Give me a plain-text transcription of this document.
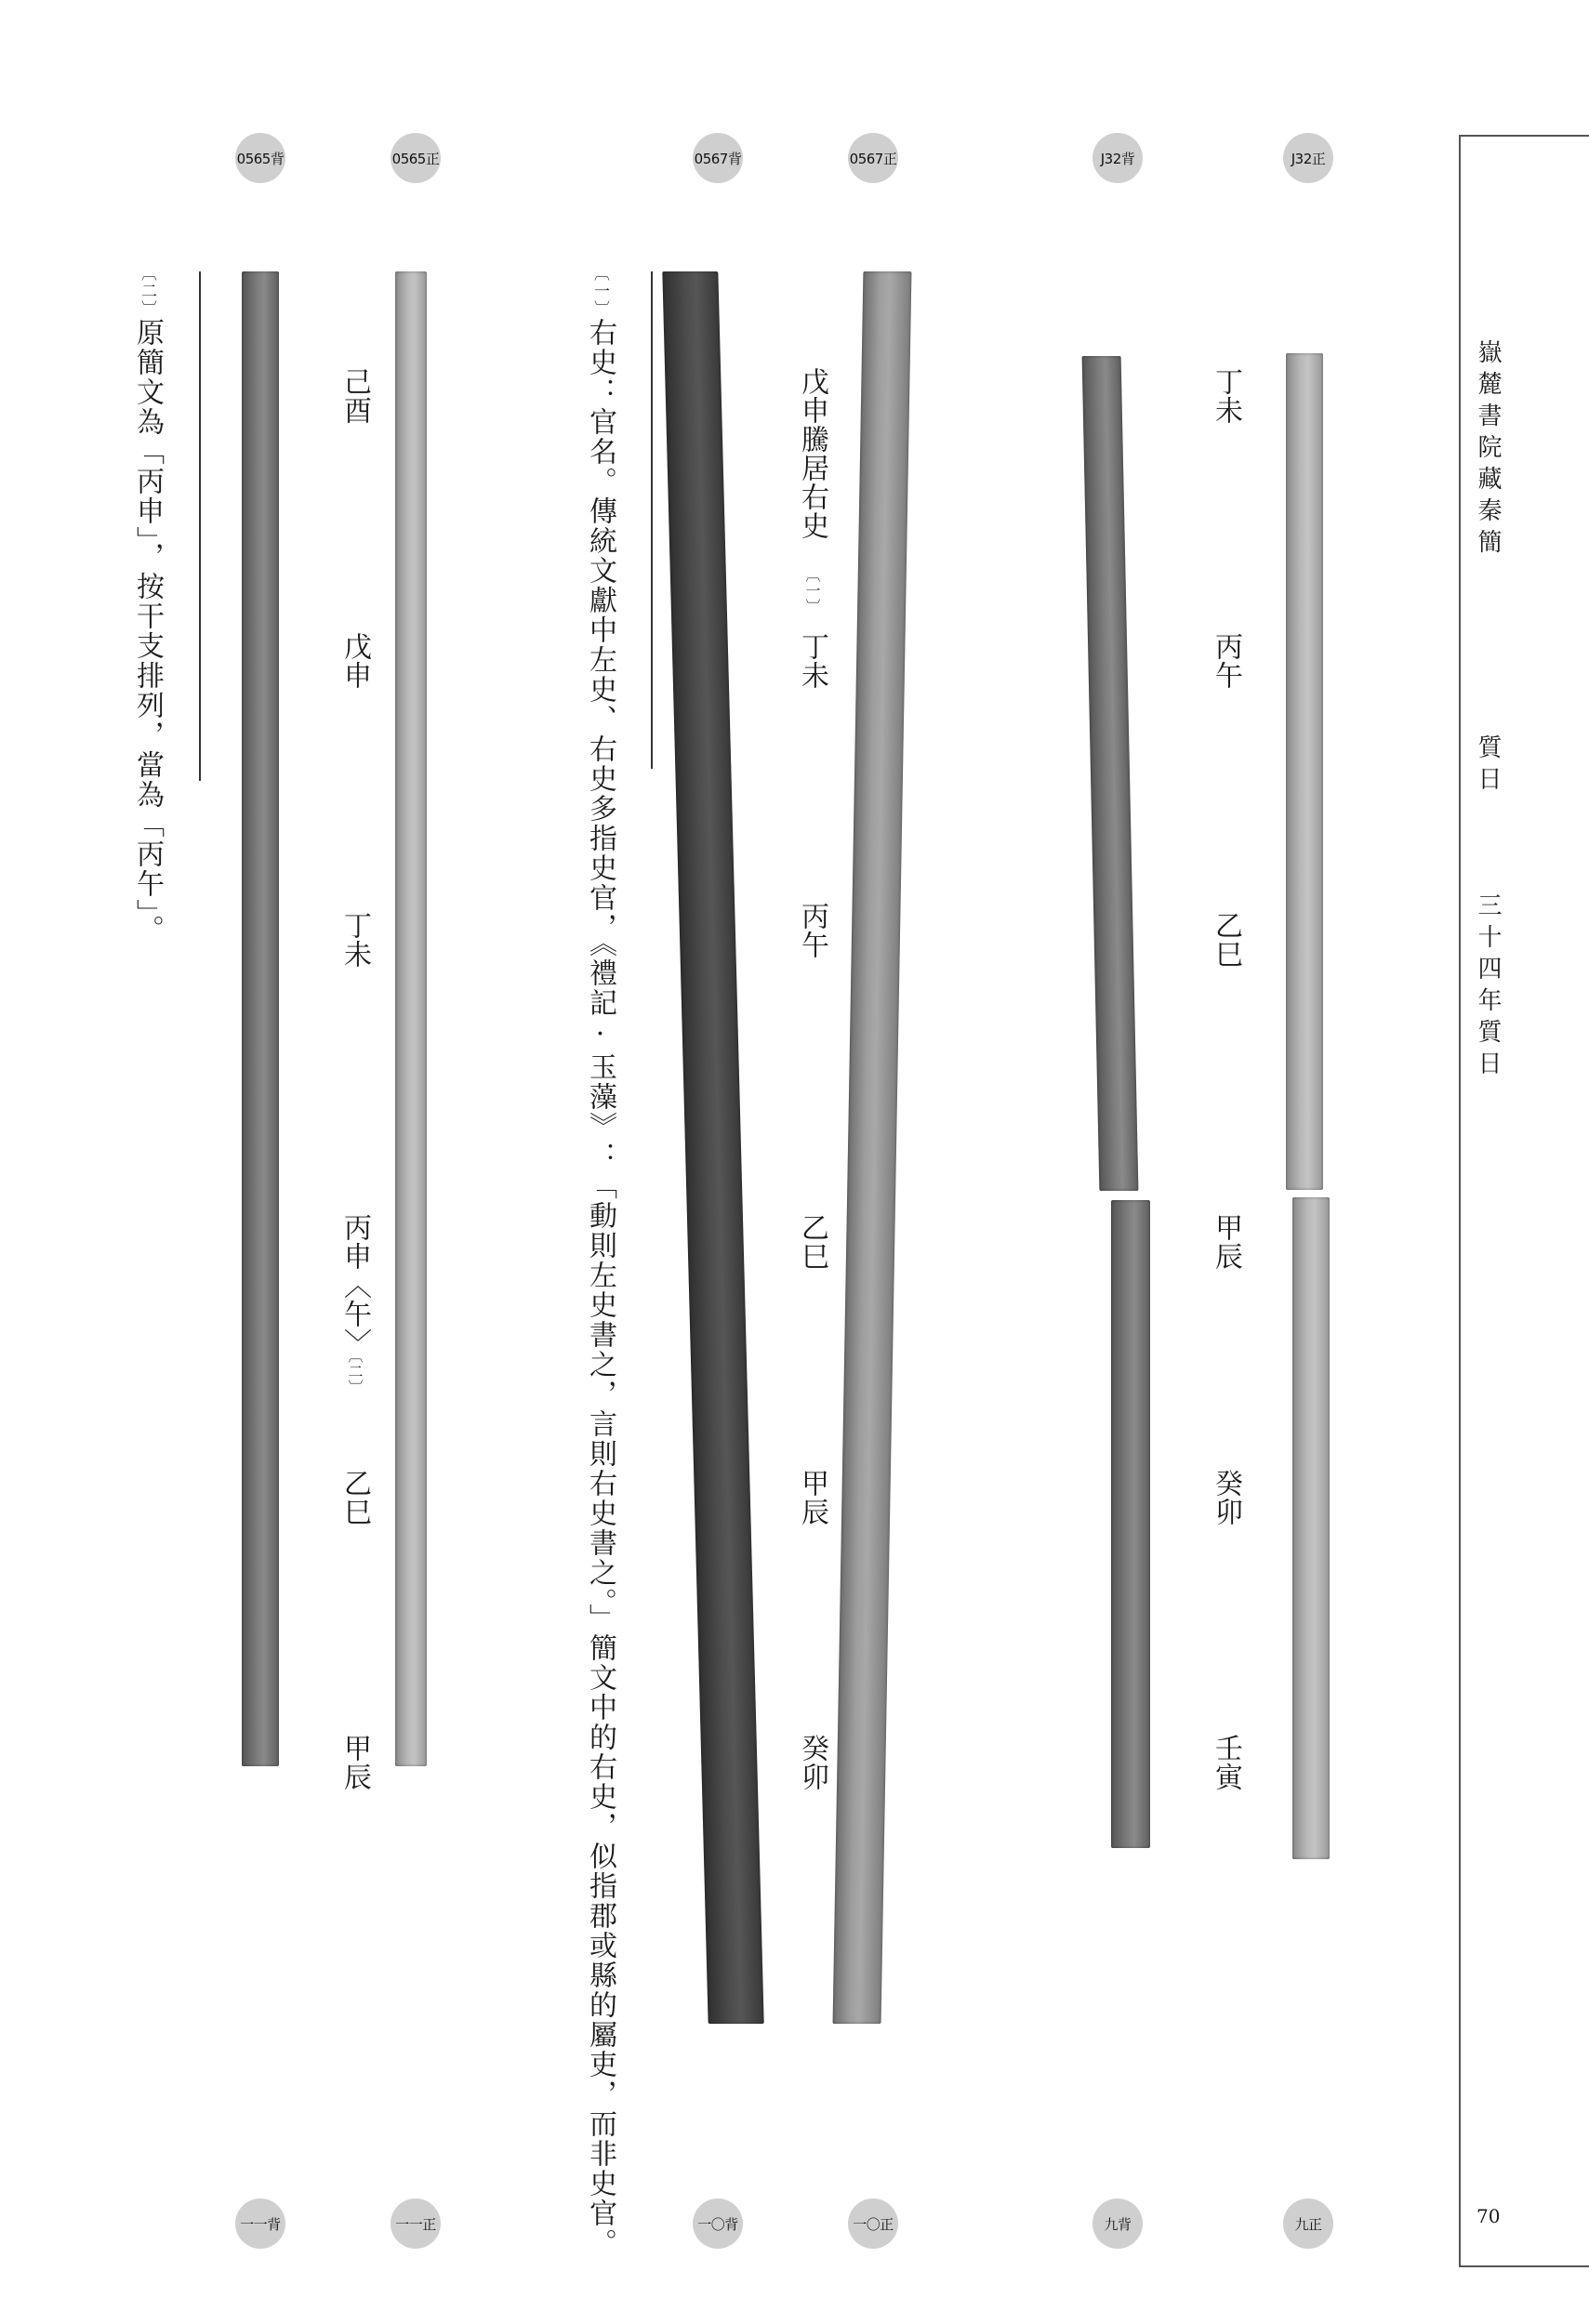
嶽麓書院藏秦簡
質日
三十四年質日
70
0565背	0565正	0567背	0567正	J32背	J32正
一一背	一一正	一〇背	一〇正	九背	九正
丁未
丙午
乙巳
甲辰
癸卯
壬寅
戊申騰居右史
〔一〕
丁未
丙午
乙巳
甲辰
癸卯
己酉
戊申
丁未
丙申〈午〉
〔二〕
乙巳
甲辰
〔一〕右史：官名。傳統文獻中左史、右史多指史官，《禮記·玉藻》：「動則左史書之，言則右史書之。」簡文中的右史，似指郡或縣的屬吏，而非史官。
〔二〕原簡文為「丙申」，按干支排列，當為「丙午」。
